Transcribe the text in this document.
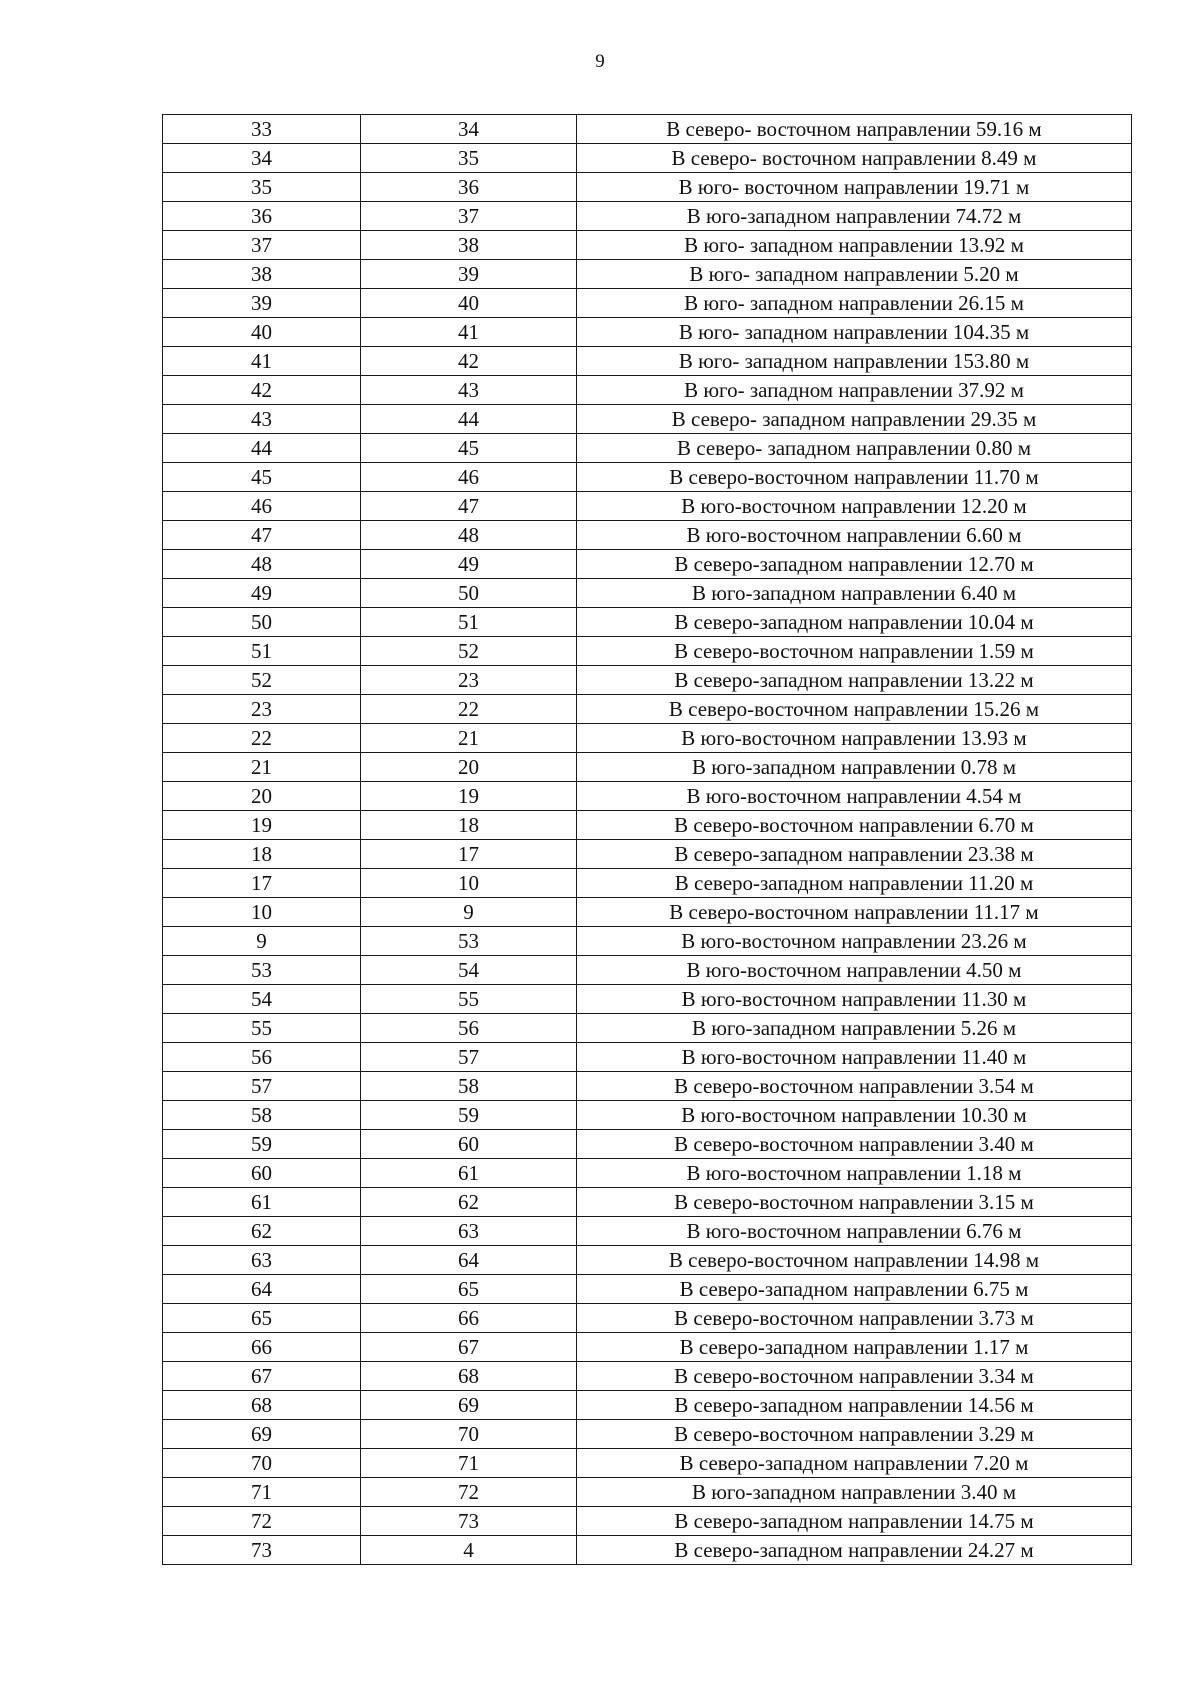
9
33	34	В северо- восточном направлении 59.16 м
34	35	В северо- восточном направлении 8.49 м
35	36	В юго- восточном направлении 19.71 м
36	37	В юго-западном направлении 74.72 м
37	38	В юго- западном направлении 13.92 м
38	39	В юго- западном направлении 5.20 м
39	40	В юго- западном направлении 26.15 м
40	41	В юго- западном направлении 104.35 м
41	42	В юго- западном направлении 153.80 м
42	43	В юго- западном направлении 37.92 м
43	44	В северо- западном направлении 29.35 м
44	45	В северо- западном направлении 0.80 м
45	46	В северо-восточном направлении 11.70 м
46	47	В юго-восточном направлении 12.20 м
47	48	В юго-восточном направлении 6.60 м
48	49	В северо-западном направлении 12.70 м
49	50	В юго-западном направлении 6.40 м
50	51	В северо-западном направлении 10.04 м
51	52	В северо-восточном направлении 1.59 м
52	23	В северо-западном направлении 13.22 м
23	22	В северо-восточном направлении 15.26 м
22	21	В юго-восточном направлении 13.93 м
21	20	В юго-западном направлении 0.78 м
20	19	В юго-восточном направлении 4.54 м
19	18	В северо-восточном направлении 6.70 м
18	17	В северо-западном направлении 23.38 м
17	10	В северо-западном направлении 11.20 м
10	9	В северо-восточном направлении 11.17 м
9	53	В юго-восточном направлении 23.26 м
53	54	В юго-восточном направлении 4.50 м
54	55	В юго-восточном направлении 11.30 м
55	56	В юго-западном направлении 5.26 м
56	57	В юго-восточном направлении 11.40 м
57	58	В северо-восточном направлении 3.54 м
58	59	В юго-восточном направлении 10.30 м
59	60	В северо-восточном направлении 3.40 м
60	61	В юго-восточном направлении 1.18 м
61	62	В северо-восточном направлении 3.15 м
62	63	В юго-восточном направлении 6.76 м
63	64	В северо-восточном направлении 14.98 м
64	65	В северо-западном направлении 6.75 м
65	66	В северо-восточном направлении 3.73 м
66	67	В северо-западном направлении 1.17 м
67	68	В северо-восточном направлении 3.34 м
68	69	В северо-западном направлении 14.56 м
69	70	В северо-восточном направлении 3.29 м
70	71	В северо-западном направлении 7.20 м
71	72	В юго-западном направлении 3.40 м
72	73	В северо-западном направлении 14.75 м
73	4	В северо-западном направлении 24.27 м
